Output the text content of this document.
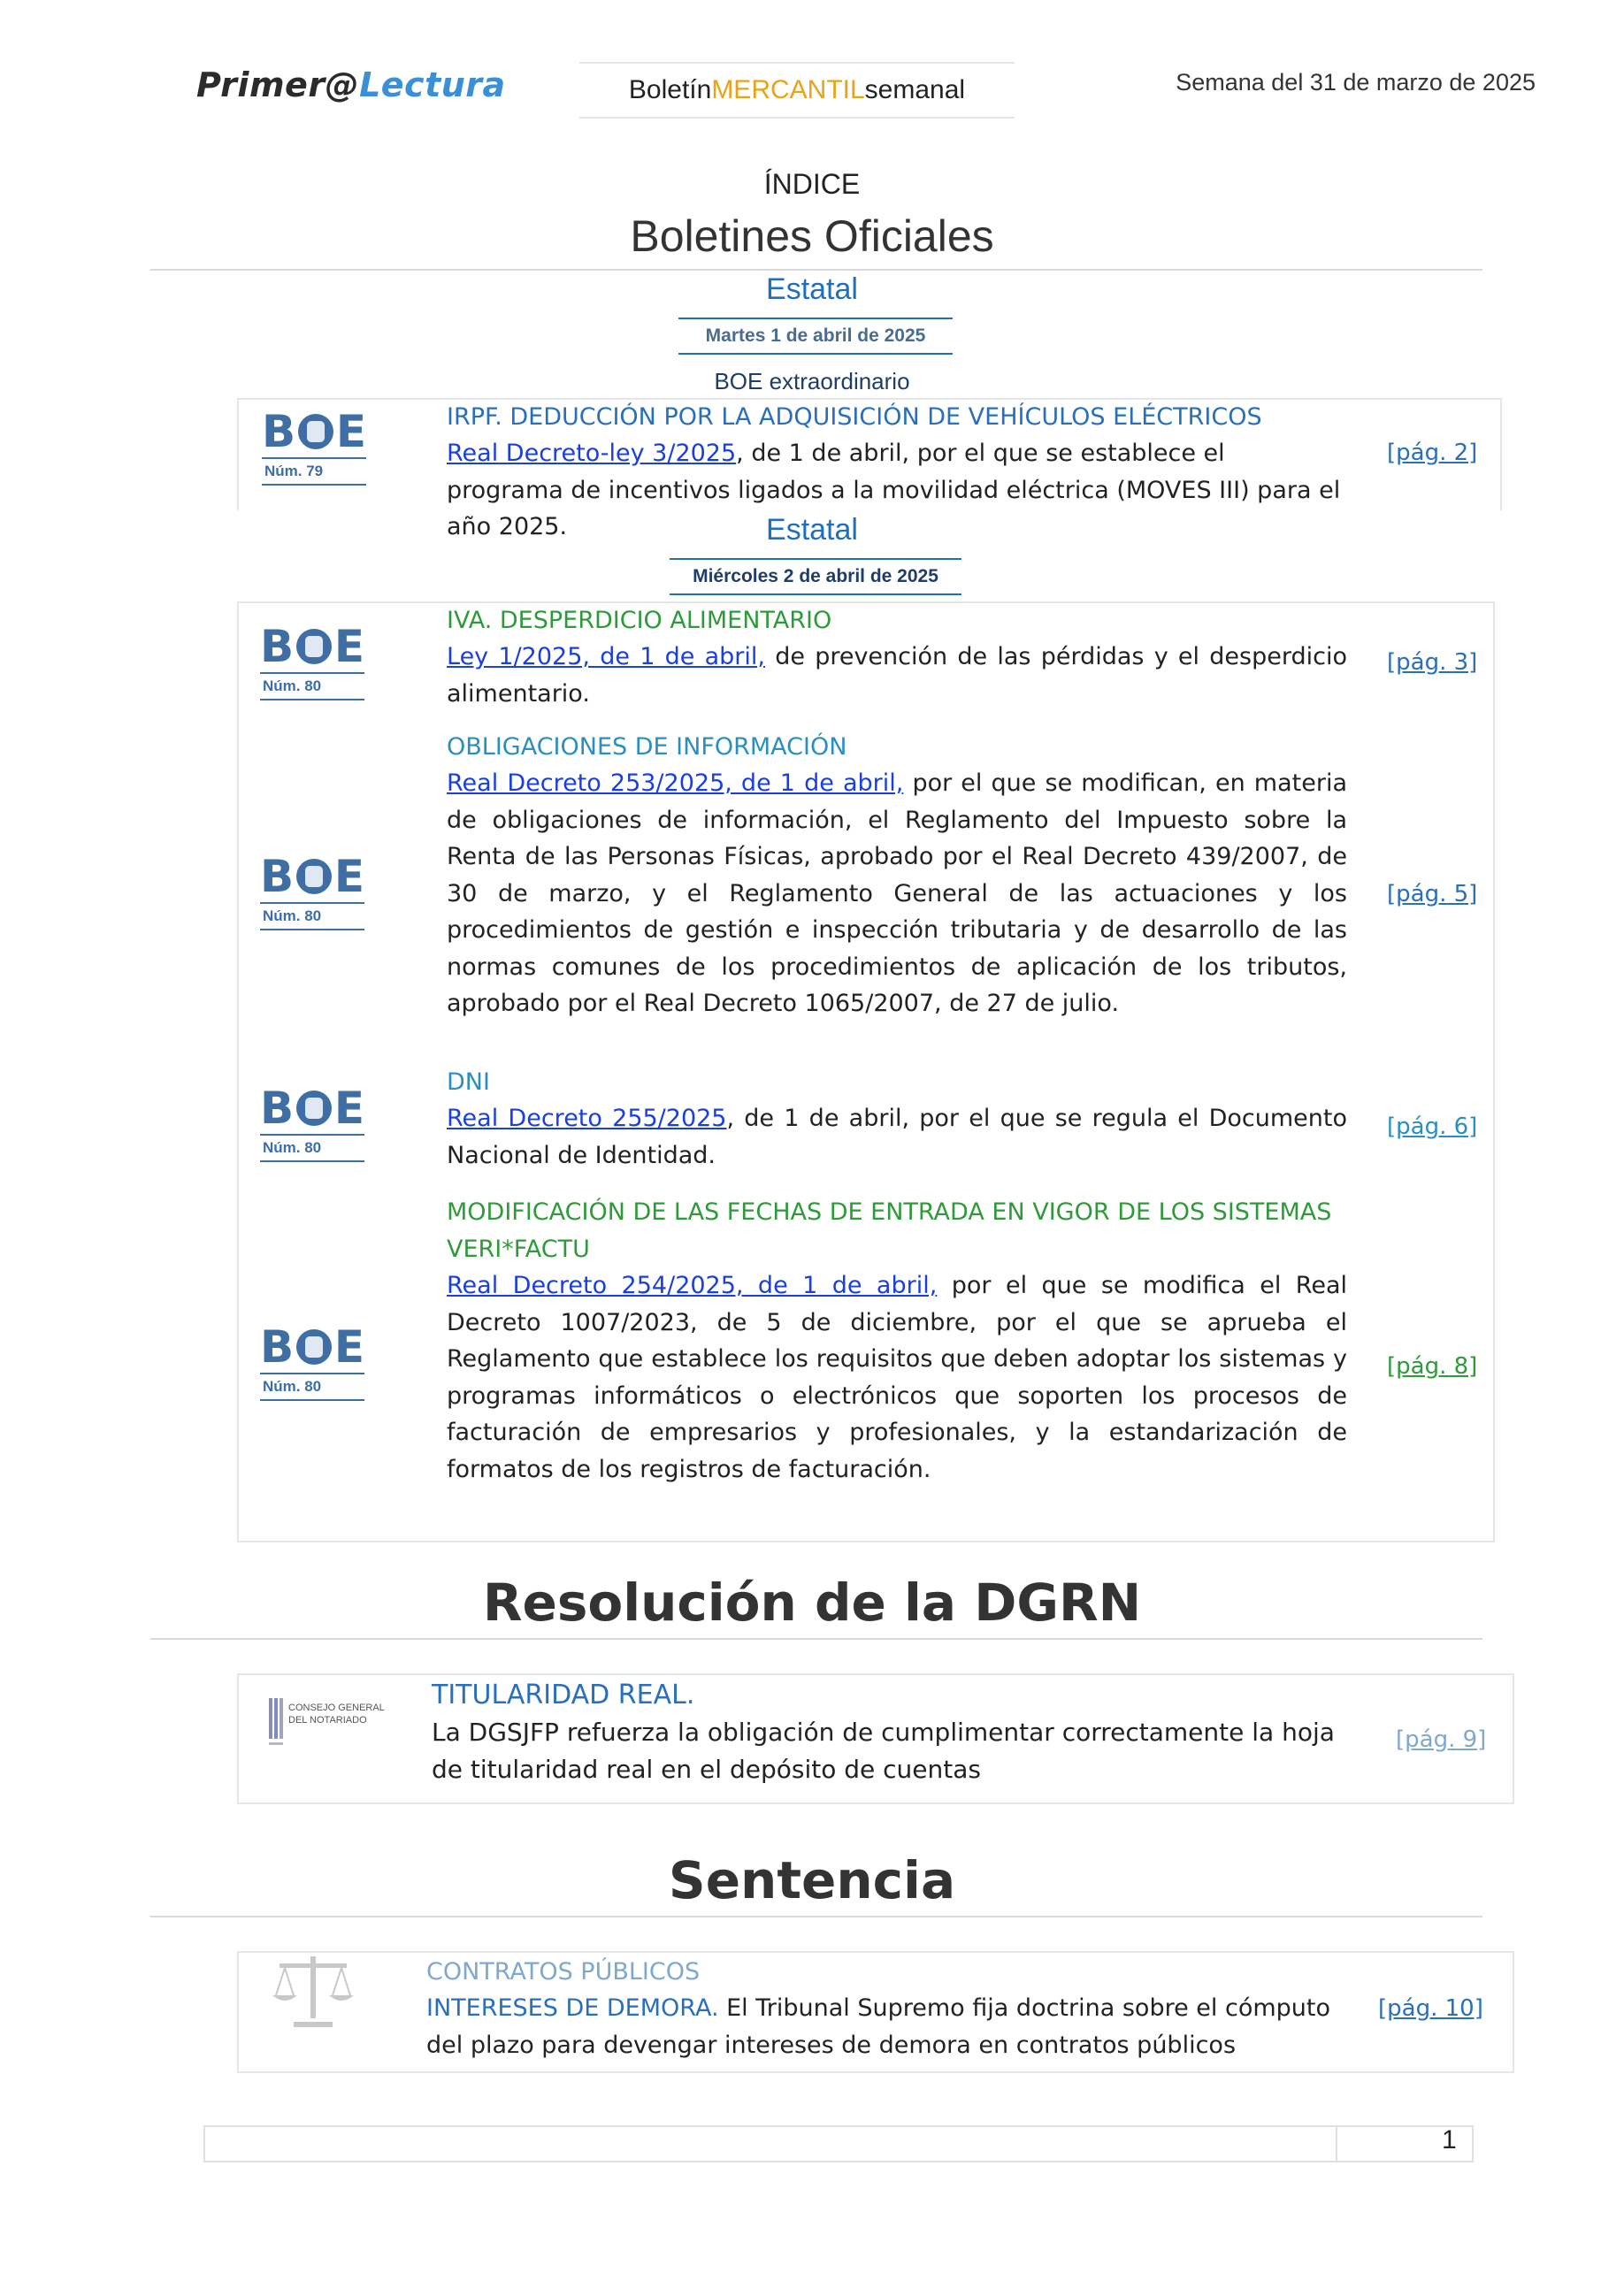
Primer@Lectura	Boletín MERCANTIL semanal	Semana del 31 de marzo de 2025
ÍNDICE
Boletines Oficiales
Estatal
Martes 1 de abril de 2025
BOE extraordinario
B E
Núm. 79
IRPF. DEDUCCIÓN POR LA ADQUISICIÓN DE VEHÍCULOS ELÉCTRICOS
Real Decreto-ley 3/2025, de 1 de abril, por el que se establece el programa de incentivos ligados a la movilidad eléctrica (MOVES III) para el año 2025.
[pág. 2]
Estatal
Miércoles 2 de abril de 2025
B E
Núm. 80
IVA. DESPERDICIO ALIMENTARIO
Ley 1/2025, de 1 de abril, de prevención de las pérdidas y el desperdicio alimentario.
[pág. 3]
B E
Núm. 80
OBLIGACIONES DE INFORMACIÓN
Real Decreto 253/2025, de 1 de abril, por el que se modifican, en materia de obligaciones de información, el Reglamento del Impuesto sobre la Renta de las Personas Físicas, aprobado por el Real Decreto 439/2007, de 30 de marzo, y el Reglamento General de las actuaciones y los procedimientos de gestión e inspección tributaria y de desarrollo de las normas comunes de los procedimientos de aplicación de los tributos, aprobado por el Real Decreto 1065/2007, de 27 de julio.
[pág. 5]
B E
Núm. 80
DNI
Real Decreto 255/2025, de 1 de abril, por el que se regula el Documento Nacional de Identidad.
[pág. 6]
B E
Núm. 80
MODIFICACIÓN DE LAS FECHAS DE ENTRADA EN VIGOR DE LOS SISTEMAS VERI*FACTU
Real Decreto 254/2025, de 1 de abril, por el que se modifica el Real Decreto 1007/2023, de 5 de diciembre, por el que se aprueba el Reglamento que establece los requisitos que deben adoptar los sistemas y programas informáticos o electrónicos que soporten los procesos de facturación de empresarios y profesionales, y la estandarización de formatos de los registros de facturación.
[pág. 8]
Resolución de la DGRN
CONSEJO GENERAL
DEL NOTARIADO
TITULARIDAD REAL.
La DGSJFP refuerza la obligación de cumplimentar correctamente la hoja de titularidad real en el depósito de cuentas
[pág. 9]
Sentencia
CONTRATOS PÚBLICOS
INTERESES DE DEMORA. El Tribunal Supremo fija doctrina sobre el cómputo del plazo para devengar intereses de demora en contratos públicos
[pág. 10]
1
